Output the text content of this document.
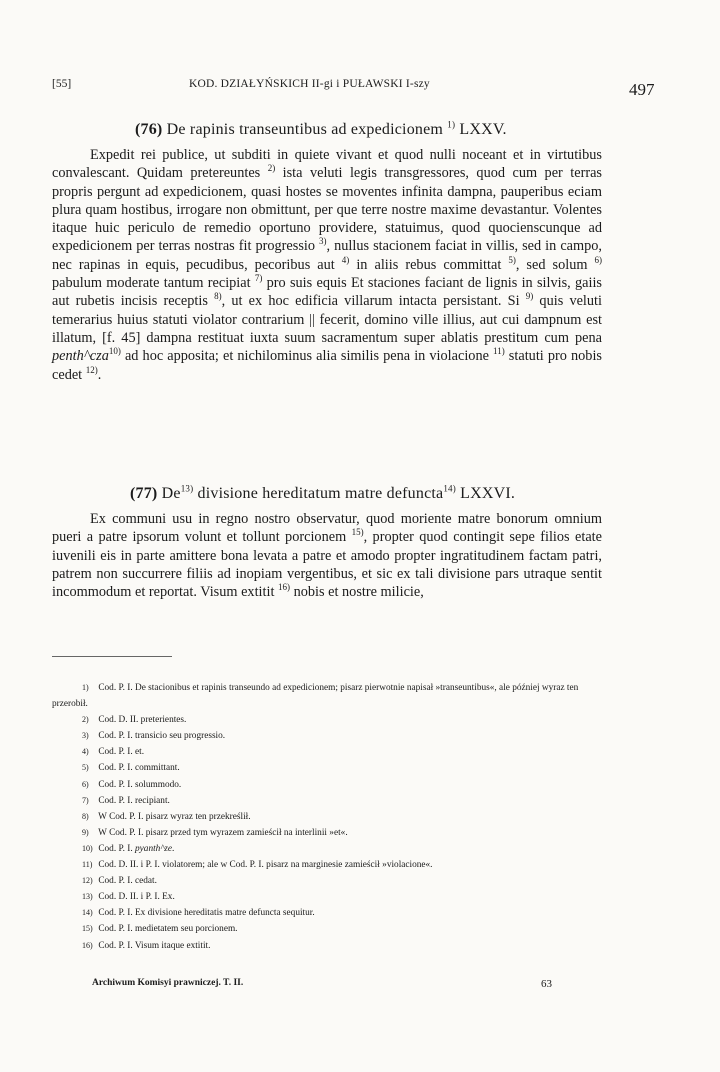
[55]	KOD. DZIAŁYŃSKICH II-gi i PUŁAWSKI I-szy	497
(76) De rapinis transeuntibus ad expedicionem $^{1)}$ LXXV.

Expedit rei publice, ut subditi in quiete vivant et quod nulli noceant et in virtutibus convalescant. Quidam pretereuntes $^{2)}$ ista veluti legis transgressores, quod cum per terras propris pergunt ad expedicionem, quasi hostes se moventes infinita dampna, pauperibus eciam plura quam hostibus, irrogare non obmittunt, per que terre nostre maxime devastantur. Volentes itaque huic periculo de remedio oportuno providere, statuimus, quod quocienscunque ad expedicionem per terras nostras fit progressio $^{3)}$, nullus stacionem faciat in villis, sed in campo, nec rapinas in equis, pecudibus, pecoribus aut $^{4)}$ in aliis rebus committat $^{5)}$, sed solum $^{6)}$ pabulum moderate tantum recipiat $^{7)}$ pro suis equis Et staciones faciant de lignis in silvis, gaiis aut rubetis incisis receptis $^{8)}$, ut ex hoc edificia villarum intacta persistant. Si $^{9)}$ quis veluti temerarius huius statuti violator contrarium || fecerit, domino ville illius, aut cui dampnum est illatum, [f. 45] dampna restituat iuxta suum sacramentum super ablatis prestitum cum pena penth^cza$^{10)}$ ad hoc apposita; et nichilominus alia similis pena in violacione $^{11)}$ statuti pro nobis cedet $^{12)}$.

(77) De$^{13)}$ divisione hereditatum matre defuncta$^{14)}$ LXXVI.

Ex communi usu in regno nostro observatur, quod moriente matre bonorum omnium pueri a patre ipsorum volunt et tollunt porcionem $^{15)}$, propter quod contingit sepe filios etate iuvenili eis in parte amittere bona levata a patre et amodo propter ingratitudinem factam patri, patrem non succurrere filiis ad inopiam vergentibus, et sic ex tali divisione pars utraque sentit incommodum et reportat. Visum extitit $^{16)}$ nobis et nostre milicie,

1) Cod. P. I. De stacionibus et rapinis transeundo ad expedicionem; pisarz pierwotnie napisał »transeuntibus«, ale później wyraz ten przerobił.
2) Cod. D. II. preterientes.
3) Cod. P. I. transicio seu progressio.
4) Cod. P. I. et.
5) Cod. P. I. committant.
6) Cod. P. I. solummodo.
7) Cod. P. I. recipiant.
8) W Cod. P. I. pisarz wyraz ten przekreślił.
9) W Cod. P. I. pisarz przed tym wyrazem zamieścił na interlinii »et«.
10) Cod. P. I. pyanth^ze.
11) Cod. D. II. i P. I. violatorem; ale w Cod. P. I. pisarz na marginesie zamieścił »violacione«.
12) Cod. P. I. cedat.
13) Cod. D. II. i P. I. Ex.
14) Cod. P. I. Ex divisione hereditatis matre defuncta sequitur.
15) Cod. P. I. medietatem seu porcionem.
16) Cod. P. I. Visum itaque extitit.
Archiwum Komisyi prawniczej. T. II.	63
